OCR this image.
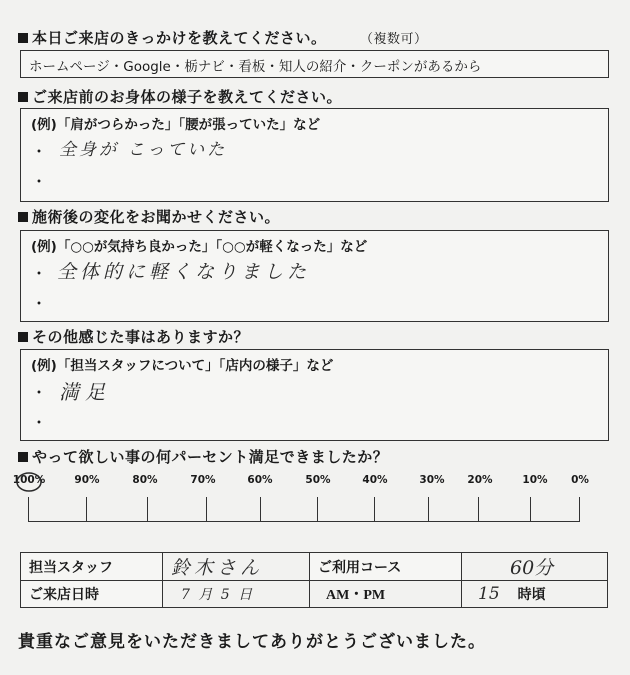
本日ご来店のきっかけを教えてください。	（複数可）
ホームページ・Google・栃ナビ・看板・知人の紹介・クーポンがあるから
ご来店前のお身体の様子を教えてください。
(例)「肩がつらかった」「腰が張っていた」など
・ 全身が こっていた
・
施術後の変化をお聞かせください。
(例)「○○が気持ち良かった」「○○が軽くなった」など
・ 全体的に軽くなりました
・
その他感じた事はありますか？
(例)「担当スタッフについて」「店内の様子」など
・ 満足
・
やって欲しい事の何パーセント満足できましたか？
100%	90%	80%	70%	60%	50%	40%	30% 20%	10% 0%
担当スタッフ	鈴木さん	ご利用コース	60分
ご来店日時	7 月 5 日	AM・PM	15 時頃
貴重なご意見をいただきましてありがとうございました。
